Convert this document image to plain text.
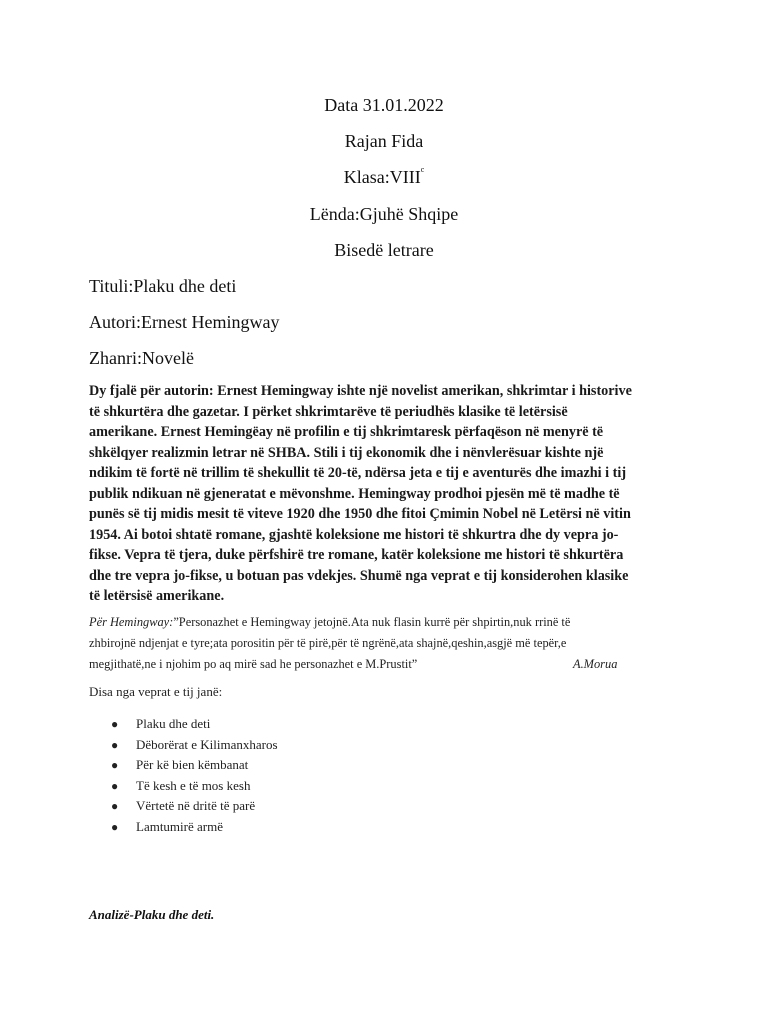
Data 31.01.2022
Rajan Fida
Klasa:VIII$^c$
Lënda:Gjuhë Shqipe
Bisedë letrare
Tituli:Plaku dhe deti
Autori:Ernest Hemingway
Zhanri:Novelë
Dy fjalë për autorin: Ernest Hemingway ishte një novelist amerikan, shkrimtar i historive
të shkurtëra dhe gazetar. I përket shkrimtarëve të periudhës klasike të letërsisë
amerikane. Ernest Hemingëay në profilin e tij shkrimtaresk përfaqëson në menyrë të
shkëlqyer realizmin letrar në SHBA. Stili i tij ekonomik dhe i nënvlerësuar kishte një
ndikim të fortë në trillim të shekullit të 20-të, ndërsa jeta e tij e aventurës dhe imazhi i tij
publik ndikuan në gjeneratat e mëvonshme. Hemingway prodhoi pjesën më të madhe të
punës së tij midis mesit të viteve 1920 dhe 1950 dhe fitoi Çmimin Nobel në Letërsi në vitin
1954. Ai botoi shtatë romane, gjashtë koleksione me histori të shkurtra dhe dy vepra jo-
fikse. Vepra të tjera, duke përfshirë tre romane, katër koleksione me histori të shkurtëra
dhe tre vepra jo-fikse, u botuan pas vdekjes. Shumë nga veprat e tij konsiderohen klasike
të letërsisë amerikane.
Për Hemingway:”Personazhet e Hemingway jetojnë.Ata nuk flasin kurrë për shpirtin,nuk rrinë të
zhbirojnë ndjenjat e tyre;ata porositin për të pirë,për të ngrënë,ata shajnë,qeshin,asgjë më tepër,e
megjithatë,ne i njohim po aq mirë sad he personazhet e M.Prustit”	A.Morua
Disa nga veprat e tij janë:
● Plaku dhe deti
● Dëborërat e Kilimanxharos
● Për kë bien këmbanat
● Të kesh e të mos kesh
● Vërtetë në dritë të parë
● Lamtumirë armë
Analizë-Plaku dhe deti.
